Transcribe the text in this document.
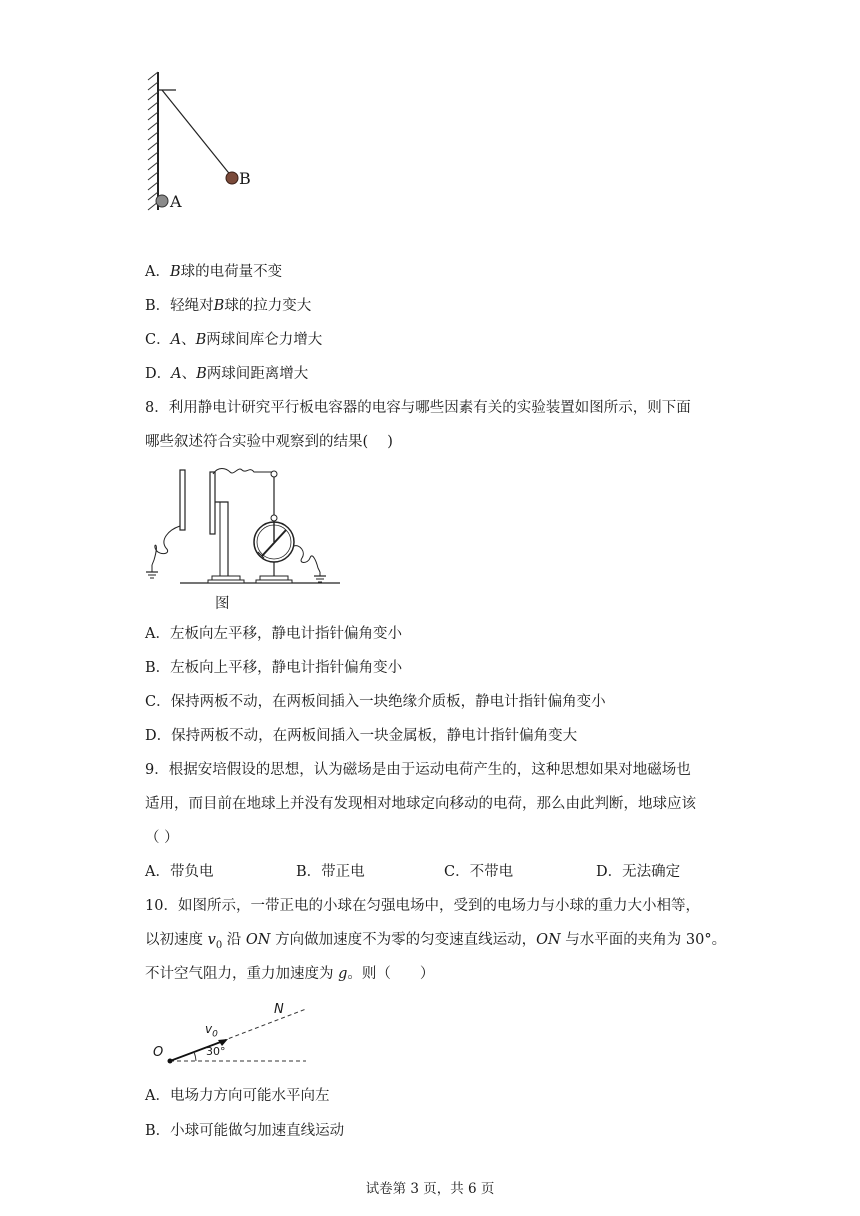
B
A
A．B球的电荷量不变
B．轻绳对B球的拉力变大
C．A、B两球间库仑力增大
D．A、B两球间距离增大
8．利用静电计研究平行板电容器的电容与哪些因素有关的实验装置如图所示，则下面
哪些叙述符合实验中观察到的结果(　 )
图
A．左板向左平移，静电计指针偏角变小
B．左板向上平移，静电计指针偏角变小
C．保持两板不动，在两板间插入一块绝缘介质板，静电计指针偏角变小
D．保持两板不动，在两板间插入一块金属板，静电计指针偏角变大
9．根据安培假设的思想，认为磁场是由于运动电荷产生的，这种思想如果对地磁场也
适用，而目前在地球上并没有发现相对地球定向移动的电荷，那么由此判断，地球应该
（ ）
A．带负电	B．带正电	C．不带电	D．无法确定
10．如图所示，一带正电的小球在匀强电场中，受到的电场力与小球的重力大小相等，
以初速度 $v_0$ 沿 ON 方向做加速度不为零的匀变速直线运动，ON 与水平面的夹角为 30°。
不计空气阻力，重力加速度为 g。则（　　）
O
N
$v_0$
30°
A．电场力方向可能水平向左
B．小球可能做匀加速直线运动
试卷第 3 页，共 6 页
